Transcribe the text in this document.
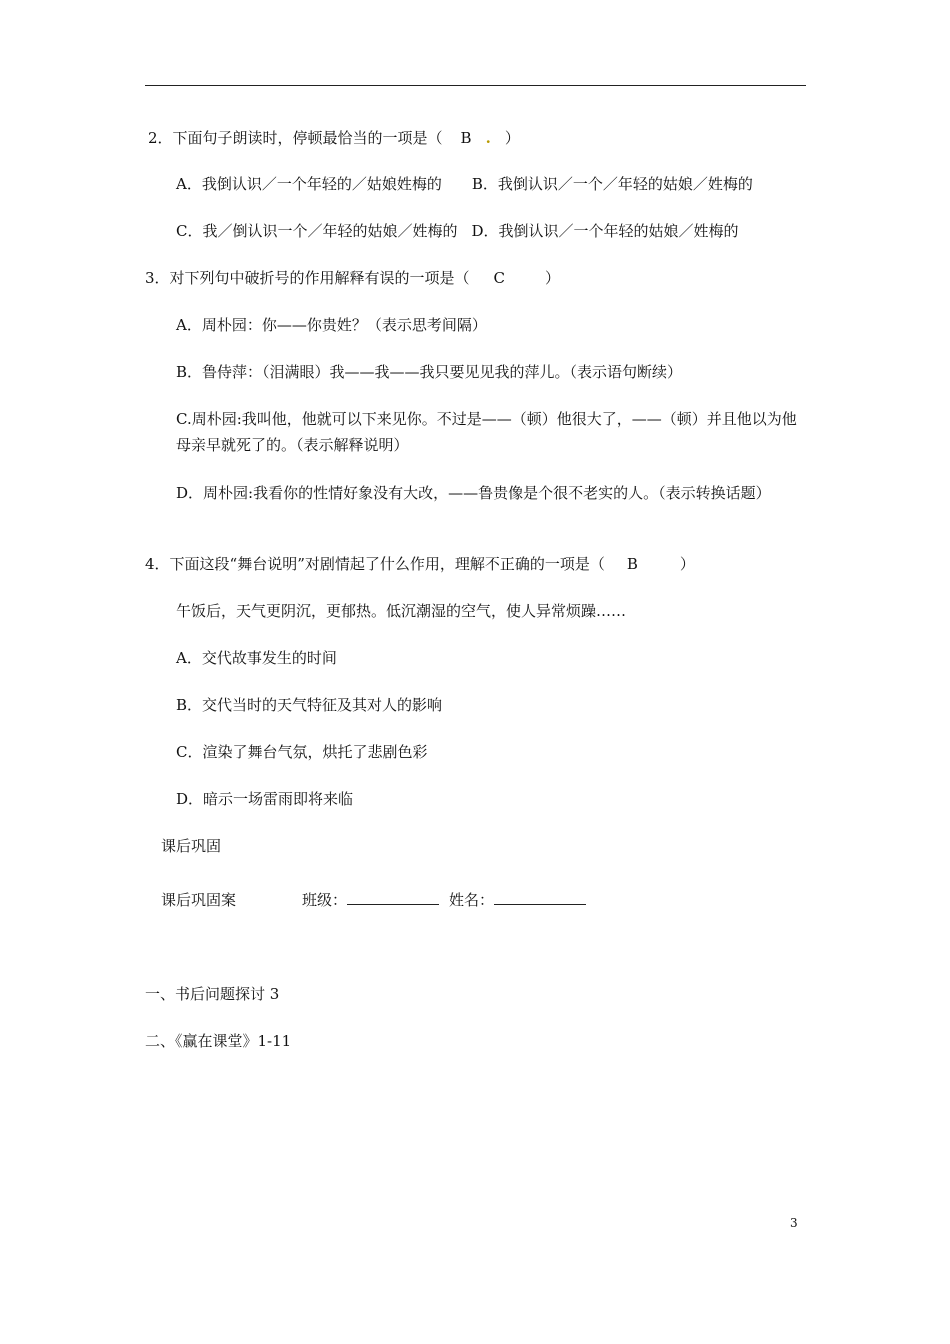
2．下面句子朗读时，停顿最恰当的一项是（ B . ）
A．我倒认识／一个年轻的／姑娘姓梅的 B．我倒认识／一个／年轻的姑娘／姓梅的
C．我／倒认识一个／年轻的姑娘／姓梅的 D．我倒认识／一个年轻的姑娘／姓梅的
3．对下列句中破折号的作用解释有误的一项是（ C	）
A．周朴园：你——你贵姓？（表示思考间隔）
B．鲁侍萍：（泪满眼）我——我——我只要见见我的萍儿。（表示语句断续）
C.周朴园:我叫他，他就可以下来见你。不过是——（顿）他很大了，——（顿）并且他以为他母亲早就死了的。（表示解释说明）
D．周朴园:我看你的性情好象没有大改，——鲁贵像是个很不老实的人。（表示转换话题）
4．下面这段“舞台说明”对剧情起了什么作用，理解不正确的一项是（ B	）
午饭后，天气更阴沉，更郁热。低沉潮湿的空气，使人异常烦躁……
A．交代故事发生的时间
B．交代当时的天气特征及其对人的影响
C．渲染了舞台气氛，烘托了悲剧色彩
D．暗示一场雷雨即将来临
课后巩固
课后巩固案	班级：	姓名：
一、书后问题探讨 3
二、《赢在课堂》1-11
3
